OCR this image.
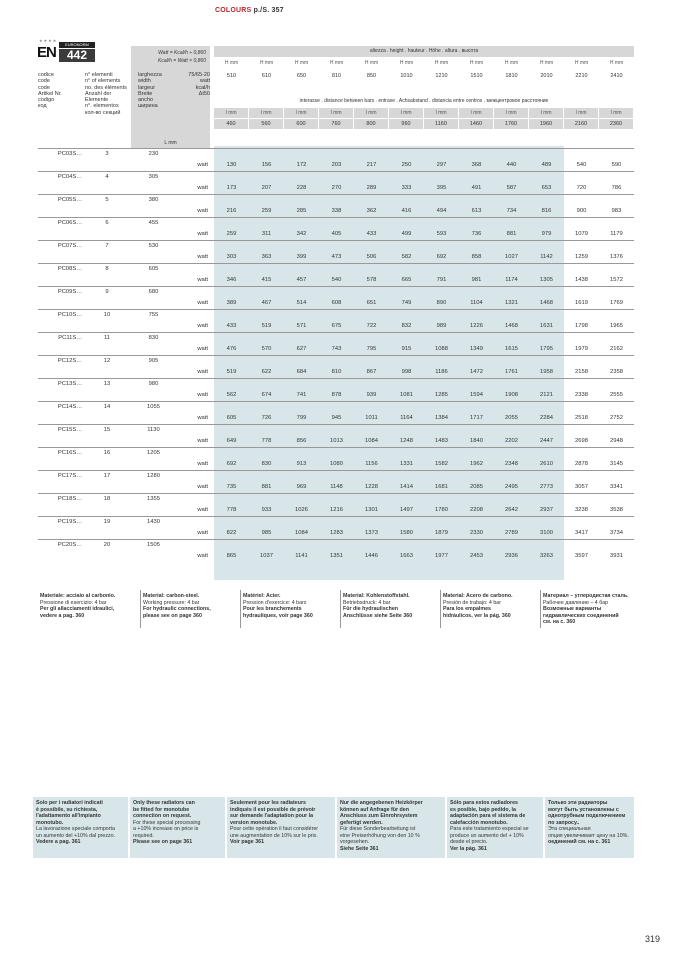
COLOURS p./S. 357
★★★★
EN	EURONORM
442	Watt = Kcal/h ÷ 0,860
Kcal/h = Watt × 0,860
altezza . height . hauteur . Höhe . altura . высота
H mm	H mm	H mm	H mm	H mm	H mm	H mm	H mm	H mm	H mm	H mm	H mm
codice
code
code
Artikel Nr.
codigo
код
n° elementi
n° of elements
no. des éléments
Anzahl der
Elemente
n°. elementos
кол-во секций
larghezza
width
largeur
Breite
ancho
ширина
75/65-20
watt
kcal/h
Δt50
510	610	650	810	850	1010	1210	1510	1810	2010	2210	2410
interasse . distance between bars . entraxe . Achsabstand . distancia entre centros . межцентровое расстояние
I mm	I mm	I mm	I mm	I mm	I mm	I mm	I mm	I mm	I mm	I mm	I mm
460	560	600	760	800	960	1160	1460	1760	1960	2160	2360
L mm
PC03S…	3	230													
			watt	130	156	172	203	217	250	297	368	440	489	540	590
PC04S…	4	305													
			watt	173	207	228	270	289	333	395	491	587	653	720	786
PC05S…	5	380													
			watt	216	259	285	338	362	416	494	613	734	816	900	983
PC06S…	6	455													
			watt	259	311	342	405	433	499	593	736	881	979	1079	1179
PC07S…	7	530													
			watt	303	363	399	473	506	582	692	858	1027	1142	1259	1376
PC08S…	8	605													
			watt	346	415	457	540	578	665	791	981	1174	1305	1438	1572
PC09S…	9	680													
			watt	389	467	514	608	651	749	890	1104	1321	1468	1619	1769
PC10S…	10	755													
			watt	433	519	571	675	722	832	989	1226	1468	1631	1798	1965
PC11S…	11	830													
			watt	476	570	627	743	795	915	1088	1349	1615	1795	1979	2162
PC12S…	12	905													
			watt	519	622	684	810	867	998	1186	1472	1761	1958	2158	2358
PC13S…	13	980													
			watt	562	674	741	878	939	1081	1285	1594	1908	2121	2338	2555
PC14S…	14	1055													
			watt	605	726	799	945	1011	1164	1384	1717	2055	2284	2518	2752
PC15S…	15	1130													
			watt	649	778	856	1013	1084	1248	1483	1840	2202	2447	2698	2948
PC16S…	16	1205													
			watt	692	830	913	1080	1156	1331	1582	1962	2348	2610	2878	3145
PC17S…	17	1280													
			watt	735	881	969	1148	1228	1414	1681	2085	2495	2773	3057	3341
PC18S…	18	1355													
			watt	778	933	1026	1216	1301	1497	1780	2208	2642	2937	3238	3538
PC19S…	19	1430													
			watt	822	985	1084	1283	1373	1580	1879	2330	2789	3100	3417	3734
PC20S…	20	1505													
			watt	865	1037	1141	1351	1446	1663	1977	2453	2936	3263	3597	3931
Materiale: acciaio al carbonio.
Pressione di esercizio: 4 bar
Per gli allacciamenti idraulici,
vedere a pag. 360
Material: carbon-steel.
Working pressure: 4 bar
For hydraulic connections,
please see on page 360
Matériel: Acier.
Pression d'exercice: 4 bars
Pour les branchements
hydrauliques, voir page 360
Material: Kohlenstoffstahl.
Betriebsdruck: 4 bar
Für die hydraulischen
Anschlüsse siehe Seite 360
Material: Acero de carbono.
Presión de trabajo: 4 bar
Para los empalmes
hidráulicos, ver la pág. 360
Материал – углеродистая сталь.
Рабочее давление – 4 бар
Возможные варианты
гидравлических соединений
см. на с. 360
Solo per i radiatori indicati
è possibile, su richiesta,
l'adattamento all'impianto
monotubo.
La lavorazione speciale comporta
un aumento del +10% dal prezzo.
Vedere a pag. 361
Only these radiators can
be fitted for monotube
connection on request.
For these special processing
a +10% increase on price is
required.
Please see on page 361
Seulement pour les radiateurs
indiqués il est possible de prévoir
sur demande l'adaptation pour la
version monotube.
Pour cette opération il faut considérer
une augmentation de 10% sur le prix.
Voir page 361
Nur die angegebenen Heizkörper
können auf Anfrage für den
Anschluss zum Einrohrsystem
gefertigt werden.
Für diese Sonderbearbeitung ist
eine Preiserhöhung von den 10 %
vorgesehen.
Siehe Seite 361
Sólo para estos radiadores
es posible, bajo pedido, la
adaptación para el sistema de
calefacción monotubo.
Para este tratamiento especial se
produce un aumento del + 10%
desde el precio.
Ver la pág. 361
Только эти радиаторы
могут быть установлены с
однотрубным подключением
по запросу..
Эта специальная
опция увеличивает цену на 10%.
оединений см. на с. 361
319
